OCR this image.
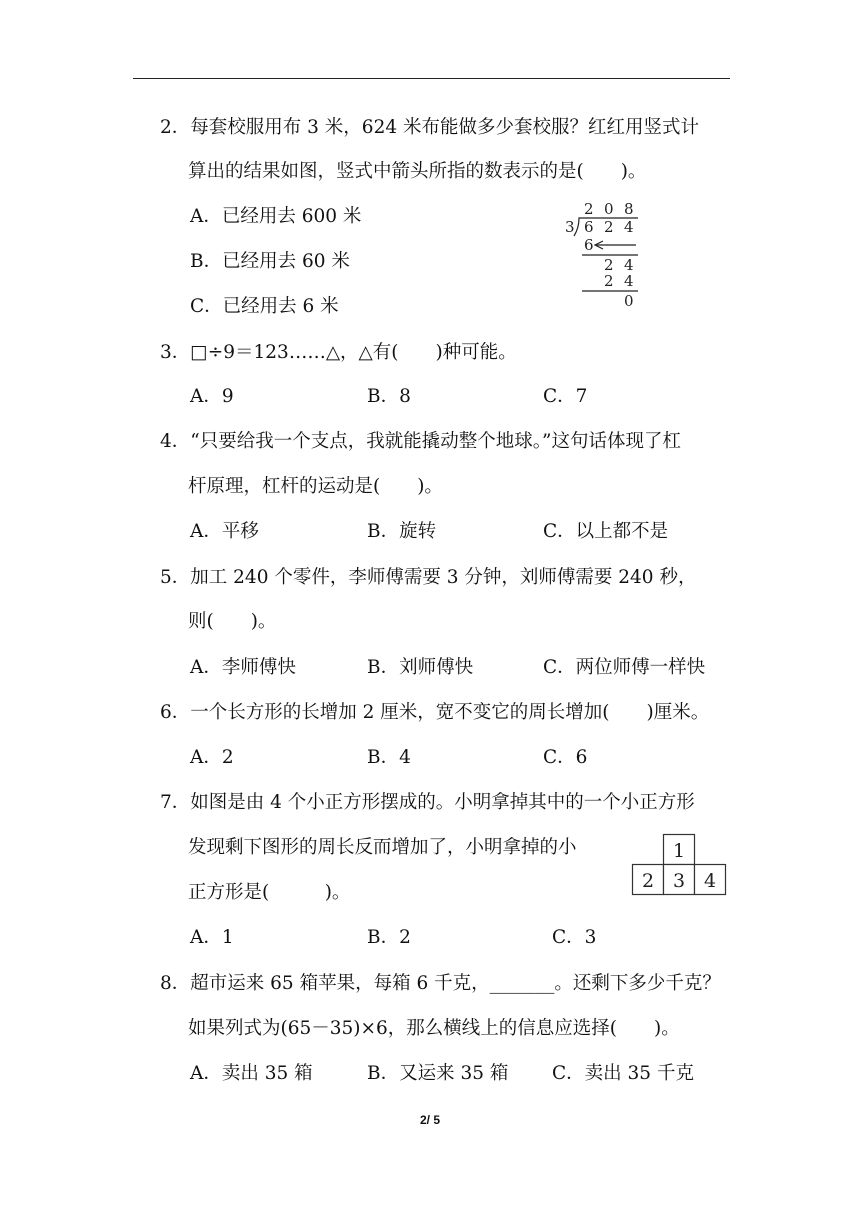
2．每套校服用布 3 米，624 米布能做多少套校服？红红用竖式计
算出的结果如图，竖式中箭头所指的数表示的是(　　)。
A．已经用去 600 米
B．已经用去 60 米
C．已经用去 6 米
2 0 8
3 6 2 4
6
2 4
2 4
0
3．□÷9＝123……△，△有(　　)种可能。
A．9	B．8	C．7
4．“只要给我一个支点，我就能撬动整个地球。”这句话体现了杠
杆原理，杠杆的运动是(　　)。
A．平移	B．旋转	C．以上都不是
5．加工 240 个零件，李师傅需要 3 分钟，刘师傅需要 240 秒，
则(　　)。
A．李师傅快	B．刘师傅快	C．两位师傅一样快
6．一个长方形的长增加 2 厘米，宽不变它的周长增加(　　)厘米。
A．2	B．4	C．6
7．如图是由 4 个小正方形摆成的。小明拿掉其中的一个小正方形
发现剩下图形的周长反而增加了，小明拿掉的小
正方形是(　　　)。
1
2 3 4
A．1	B．2	C．3
8．超市运来 65 箱苹果，每箱 6 千克，_______。还剩下多少千克？
如果列式为(65－35)×6，那么横线上的信息应选择(　　)。
A．卖出 35 箱	B．又运来 35 箱 C．卖出 35 千克
2/ 5
